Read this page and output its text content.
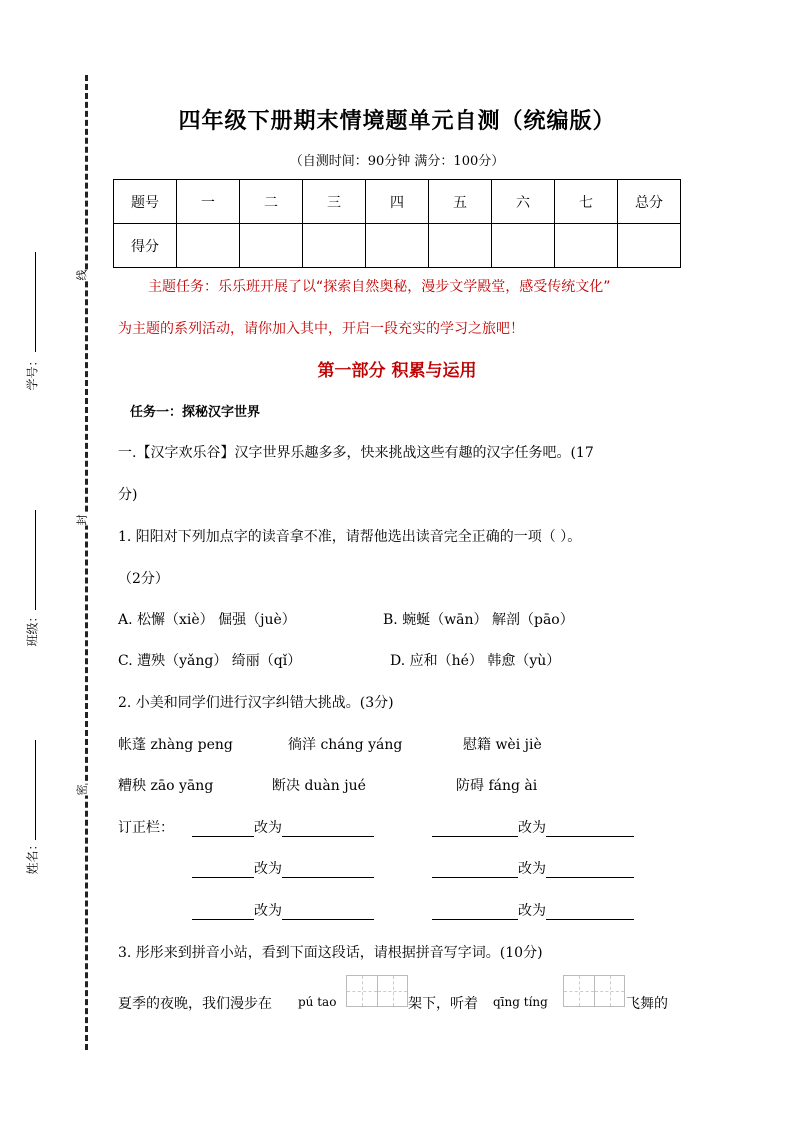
学号：
班级：
姓名：
线
封
密
四年级下册期末情境题单元自测（统编版）
（自测时间：90分钟 满分：100分）
题号	一	二	三	四	五	六	七	总分
得分								
主题任务：乐乐班开展了以“探索自然奥秘，漫步文学殿堂，感受传统文化”
为主题的系列活动，请你加入其中，开启一段充实的学习之旅吧！
第一部分 积累与运用
任务一：探秘汉字世界
一.【汉字欢乐谷】汉字世界乐趣多多，快来挑战这些有趣的汉字任务吧。(17
分)
1. 阳阳对下列加点字的读音拿不准，请帮他选出读音完全正确的一项（ ）。
（2分）
A. 松懈（xiè） 倔强（juè）	B. 蜿蜒（wān） 解剖（pāo）
C. 遭殃（yǎng） 绮丽（qǐ）	D. 应和（hé） 韩愈（yù）
2. 小美和同学们进行汉字纠错大挑战。(3分)
帐蓬 zhàng peng	徜洋 cháng yáng	慰籍 wèi jiè
糟秧 zāo yāng	断决 duàn jué	防碍 fáng ài
订正栏：	改为	改为
改为	改为
改为	改为
3. 彤彤来到拼音小站，看到下面这段话，请根据拼音写字词。(10分)
夏季的夜晚，我们漫步在 pú tao	架下，听着 qīng tíng	飞舞的
